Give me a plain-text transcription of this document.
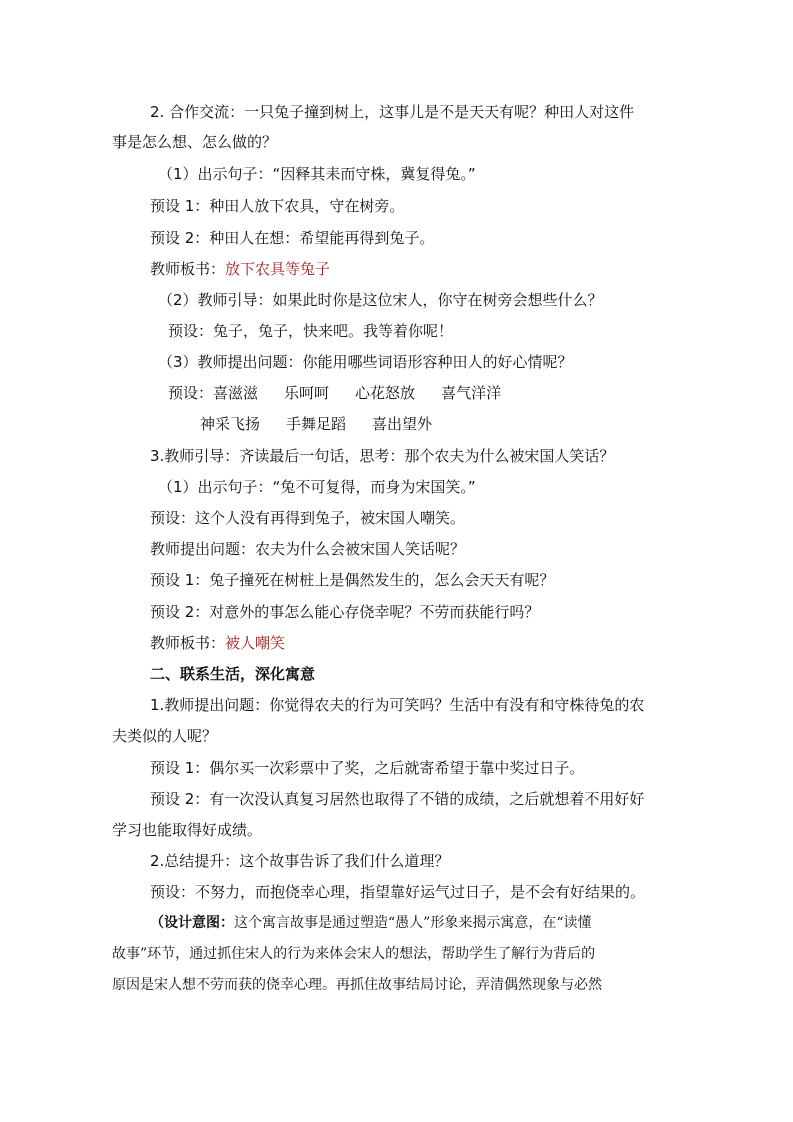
2. 合作交流：一只兔子撞到树上，这事儿是不是天天有呢？种田人对这件
事是怎么想、怎么做的？
（1）出示句子：“因释其耒而守株，冀复得兔。”
预设 1：种田人放下农具，守在树旁。
预设 2：种田人在想：希望能再得到兔子。
教师板书：放下农具等兔子
（2）教师引导：如果此时你是这位宋人，你守在树旁会想些什么？
预设：兔子，兔子，快来吧。我等着你呢！
（3）教师提出问题：你能用哪些词语形容种田人的好心情呢？
预设：喜滋滋 乐呵呵 心花怒放 喜气洋洋
神采飞扬 手舞足蹈 喜出望外
3.教师引导：齐读最后一句话，思考：那个农夫为什么被宋国人笑话？
（1）出示句子：“兔不可复得，而身为宋国笑。”
预设：这个人没有再得到兔子，被宋国人嘲笑。
教师提出问题：农夫为什么会被宋国人笑话呢？
预设 1：兔子撞死在树桩上是偶然发生的，怎么会天天有呢？
预设 2：对意外的事怎么能心存侥幸呢？不劳而获能行吗？
教师板书：被人嘲笑
二、联系生活，深化寓意
1.教师提出问题：你觉得农夫的行为可笑吗？生活中有没有和守株待兔的农
夫类似的人呢？
预设 1：偶尔买一次彩票中了奖，之后就寄希望于靠中奖过日子。
预设 2：有一次没认真复习居然也取得了不错的成绩，之后就想着不用好好
学习也能取得好成绩。
2.总结提升：这个故事告诉了我们什么道理？
预设：不努力，而抱侥幸心理，指望靠好运气过日子，是不会有好结果的。
（设计意图：这个寓言故事是通过塑造“愚人”形象来揭示寓意，在“读懂
故事”环节，通过抓住宋人的行为来体会宋人的想法，帮助学生了解行为背后的
原因是宋人想不劳而获的侥幸心理。再抓住故事结局讨论，弄清偶然现象与必然
